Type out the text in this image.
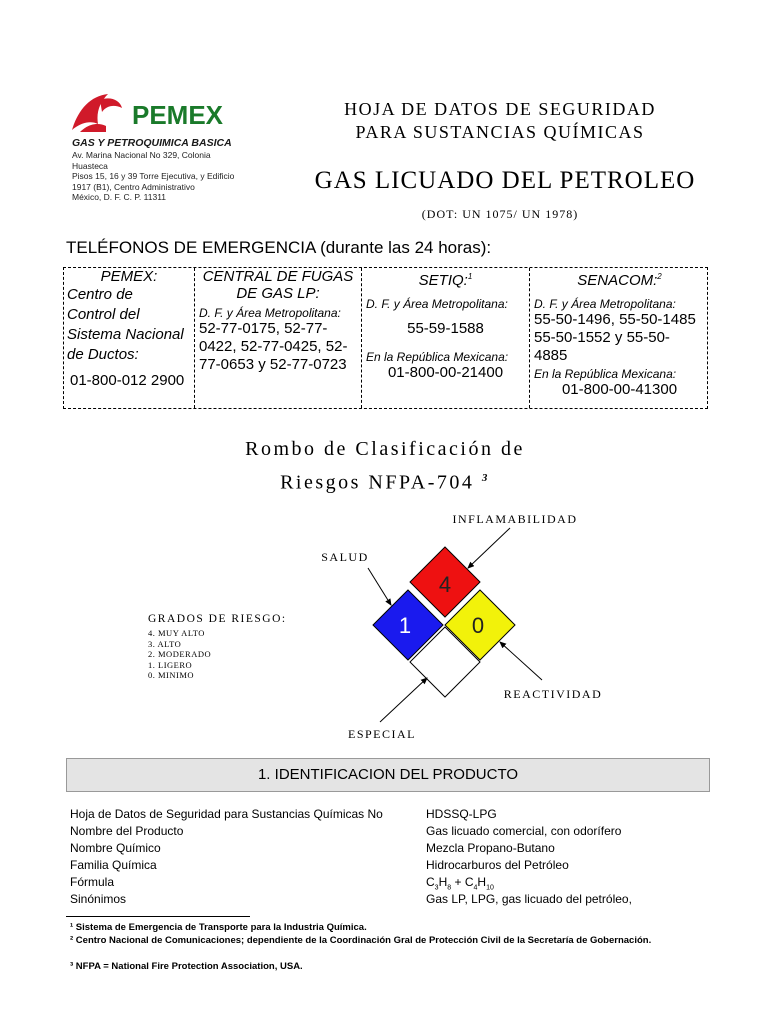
PEMEX
GAS Y PETROQUIMICA BASICA
Av. Marina Nacional No 329, Colonia
Huasteca
Pisos 15, 16 y 39 Torre Ejecutiva, y Edificio
1917 (B1), Centro Administrativo
México, D. F. C. P. 11311
HOJA DE DATOS DE SEGURIDAD
PARA SUSTANCIAS QUÍMICAS
GAS LICUADO DEL PETROLEO
(DOT: UN 1075/ UN 1978)
TELÉFONOS DE EMERGENCIA (durante las 24 horas):
PEMEX:
Centro de
Control del
Sistema Nacional
de Ductos:
01-800-012 2900
CENTRAL DE FUGAS
DE GAS LP:
D. F. y Área Metropolitana:
52-77-0175, 52-77-
0422, 52-77-0425, 52-
77-0653 y 52-77-0723
SETIQ:$^1$
D. F. y Área Metropolitana:
55-59-1588
En la República Mexicana:
01-800-00-21400
SENACOM:$^2$
D. F. y Área Metropolitana:
55-50-1496, 55-50-1485
55-50-1552 y 55-50-
4885
En la República Mexicana:
01-800-00-41300
Rombo de Clasificación de
Riesgos NFPA-704 $^3$
4
1	0
INFLAMABILIDAD
SALUD
REACTIVIDAD
ESPECIAL
GRADOS DE RIESGO:
4. MUY ALTO
3. ALTO
2. MODERADO
1. LIGERO
0. MINIMO
1. IDENTIFICACION DEL PRODUCTO
Hoja de Datos de Seguridad para Sustancias Químicas No	HDSSQ-LPG
Nombre del Producto	Gas licuado comercial, con odorífero
Nombre Químico	Mezcla Propano-Butano
Familia Química	Hidrocarburos del Petróleo
Fórmula	$C_3H_8 + C_4H_{10}$
Sinónimos	Gas LP, LPG, gas licuado del petróleo,
¹ Sistema de Emergencia de Transporte para la Industria Química.
² Centro Nacional de Comunicaciones; dependiente de la Coordinación Gral de Protección Civil de la Secretaría de Gobernación.
³ NFPA = National Fire Protection Association, USA.
